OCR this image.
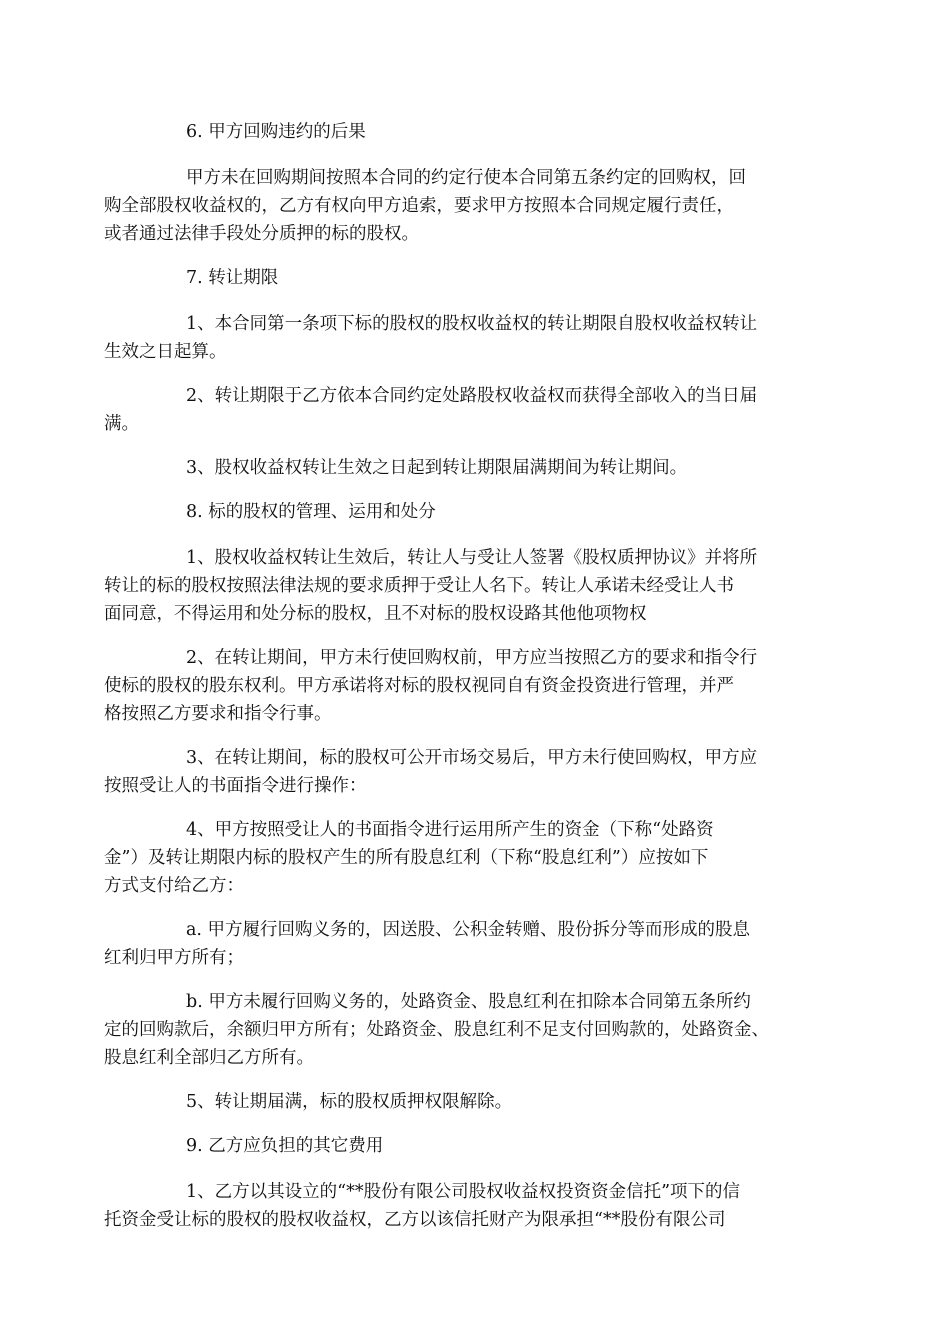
6. 甲方回购违约的后果
甲方未在回购期间按照本合同的约定行使本合同第五条约定的回购权，回
购全部股权收益权的，乙方有权向甲方追索，要求甲方按照本合同规定履行责任，
或者通过法律手段处分质押的标的股权。
7. 转让期限
1、本合同第一条项下标的股权的股权收益权的转让期限自股权收益权转让
生效之日起算。
2、转让期限于乙方依本合同约定处路股权收益权而获得全部收入的当日届
满。
3、股权收益权转让生效之日起到转让期限届满期间为转让期间。
8. 标的股权的管理、运用和处分
1、股权收益权转让生效后，转让人与受让人签署《股权质押协议》并将所
转让的标的股权按照法律法规的要求质押于受让人名下。转让人承诺未经受让人书
面同意，不得运用和处分标的股权，且不对标的股权设路其他他项物权
2、在转让期间，甲方未行使回购权前，甲方应当按照乙方的要求和指令行
使标的股权的股东权利。甲方承诺将对标的股权视同自有资金投资进行管理，并严
格按照乙方要求和指令行事。
3、在转让期间，标的股权可公开市场交易后，甲方未行使回购权，甲方应
按照受让人的书面指令进行操作：
4、甲方按照受让人的书面指令进行运用所产生的资金（下称“处路资
金”）及转让期限内标的股权产生的所有股息红利（下称“股息红利”）应按如下
方式支付给乙方：
a. 甲方履行回购义务的，因送股、公积金转赠、股份拆分等而形成的股息
红利归甲方所有；
b. 甲方未履行回购义务的，处路资金、股息红利在扣除本合同第五条所约
定的回购款后，余额归甲方所有；处路资金、股息红利不足支付回购款的，处路资金、
股息红利全部归乙方所有。
5、转让期届满，标的股权质押权限解除。
9. 乙方应负担的其它费用
1、乙方以其设立的“**股份有限公司股权收益权投资资金信托”项下的信
托资金受让标的股权的股权收益权，乙方以该信托财产为限承担“**股份有限公司
